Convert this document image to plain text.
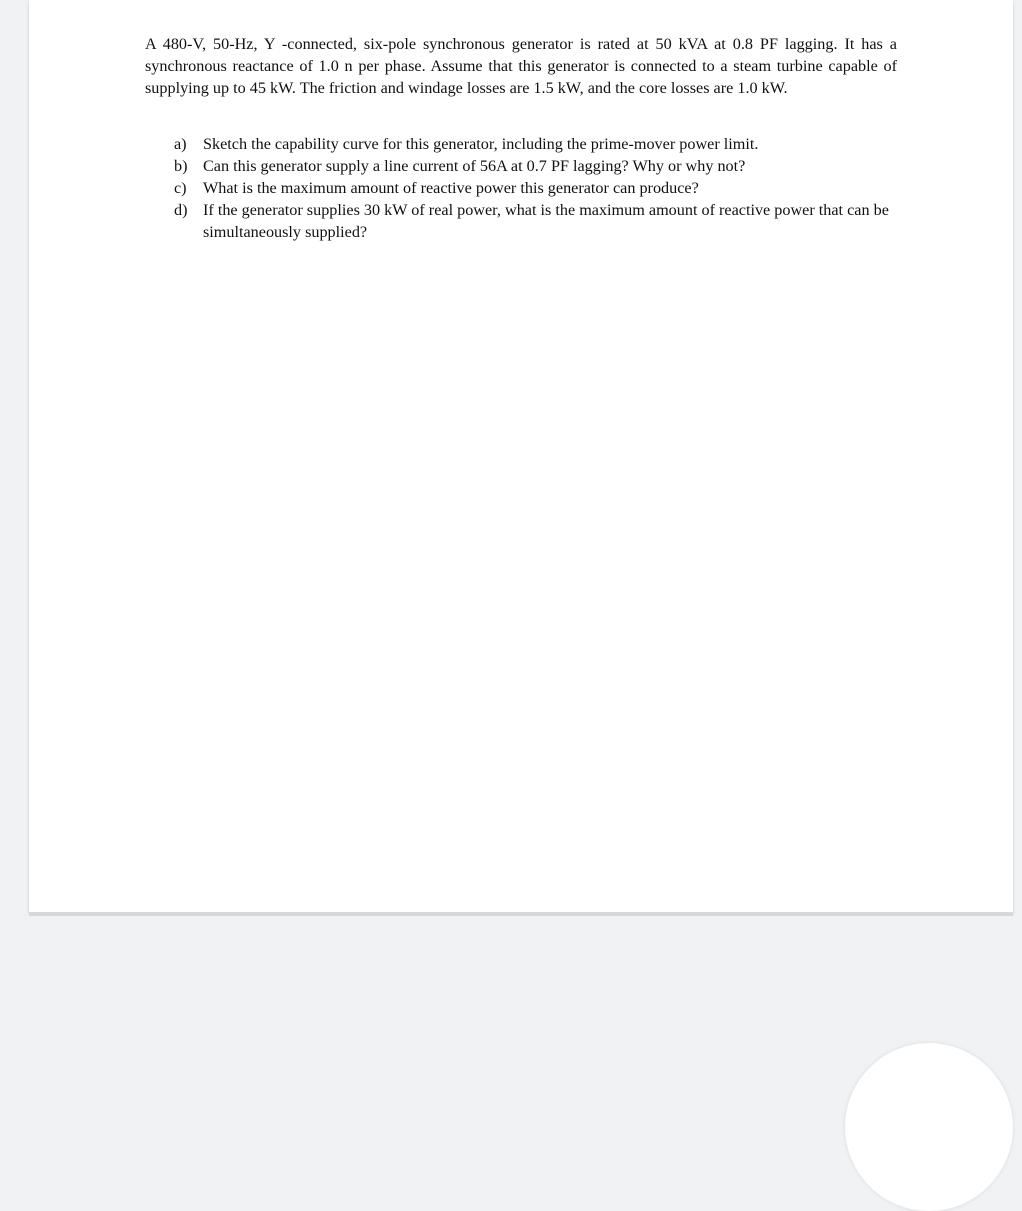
A 480-V, 50-Hz, Y -connected, six-pole synchronous generator is rated at 50 kVA at 0.8 PF lagging. It has a synchronous reactance of 1.0 n per phase. Assume that this generator is connected to a steam turbine capable of supplying up to 45 kW. The friction and windage losses are 1.5 kW, and the core losses are 1.0 kW.

a) Sketch the capability curve for this generator, including the prime-mover power limit.
b) Can this generator supply a line current of 56A at 0.7 PF lagging? Why or why not?
c) What is the maximum amount of reactive power this generator can produce?
d) If the generator supplies 30 kW of real power, what is the maximum amount of reactive power that can be simultaneously supplied?
